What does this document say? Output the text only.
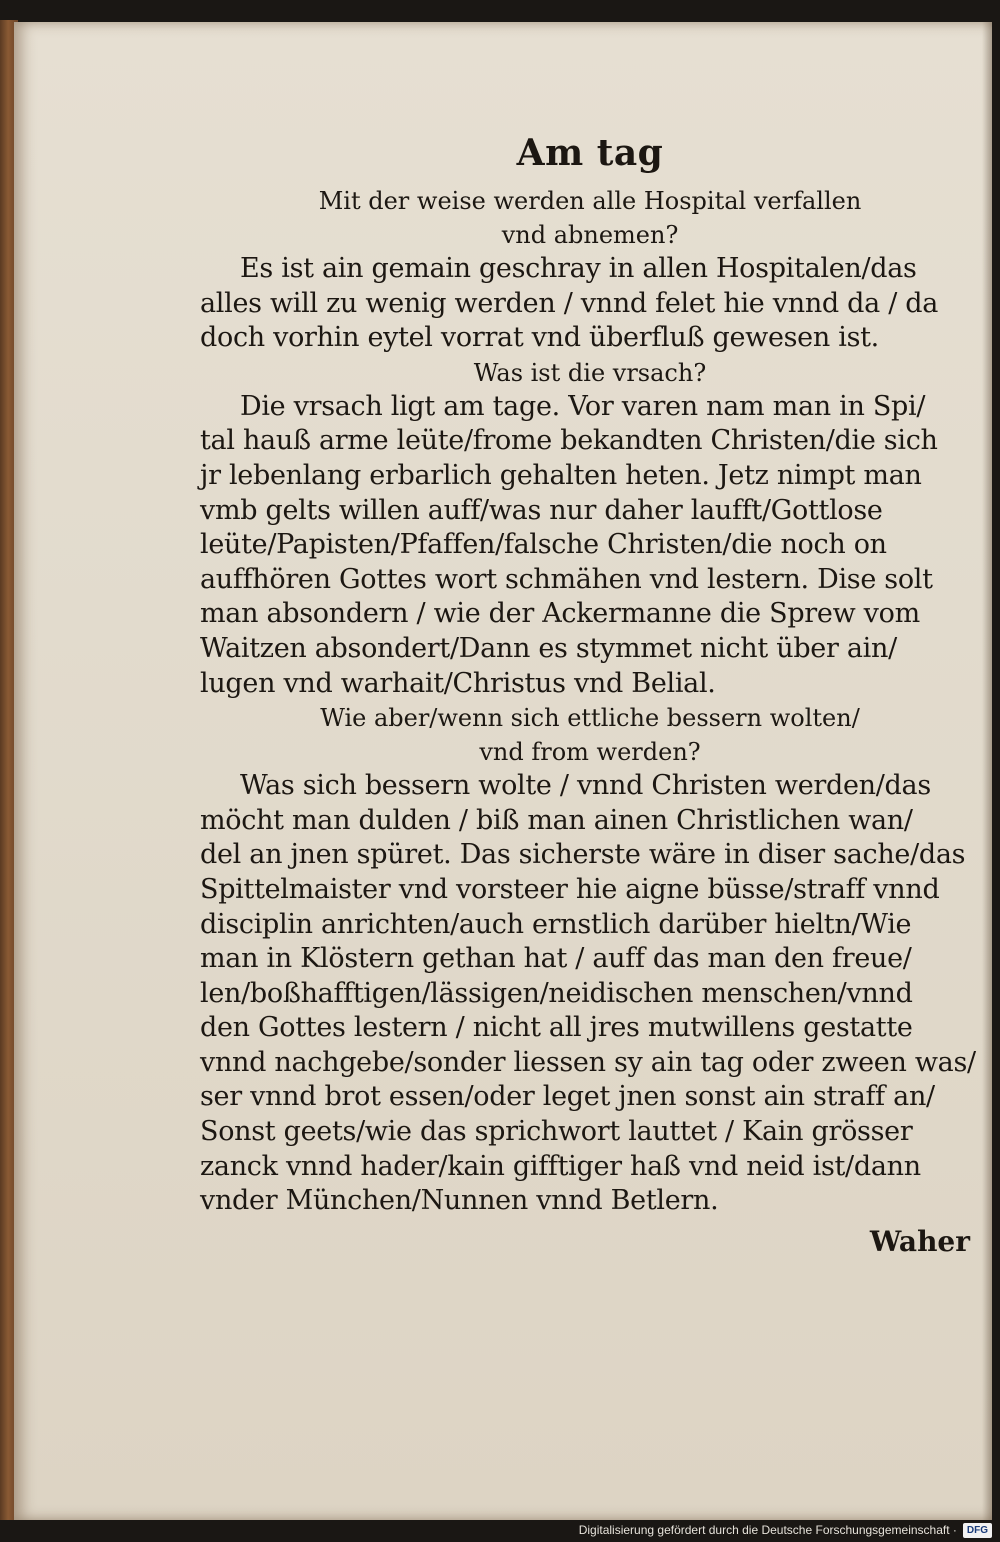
Am tag

Mit der weise werden alle Hospital verfallen

vnd abnemen?

Es ist ain gemain geschray in allen Hospitalen/das
alles will zu wenig werden / vnnd felet hie vnnd da / da
doch vorhin eytel vorrat vnd überfluß gewesen ist.

Was ist die vrsach?

Die vrsach ligt am tage. Vor varen nam man in Spi/
tal hauß arme leüte/frome bekandten Christen/die sich
jr lebenlang erbarlich gehalten heten. Jetz nimpt man
vmb gelts willen auff/was nur daher laufft/Gottlose
leüte/Papisten/Pfaffen/falsche Christen/die noch on
auffhören Gottes wort schmähen vnd lestern. Dise solt
man absondern / wie der Ackermanne die Sprew vom
Waitzen absondert/Dann es stymmet nicht über ain/
lugen vnd warhait/Christus vnd Belial.

Wie aber/wenn sich ettliche bessern wolten/

vnd from werden?

Was sich bessern wolte / vnnd Christen werden/das
möcht man dulden / biß man ainen Christlichen wan/
del an jnen spüret. Das sicherste wäre in diser sache/das
Spittelmaister vnd vorsteer hie aigne büsse/straff vnnd
disciplin anrichten/auch ernstlich darüber hieltn/Wie
man in Klöstern gethan hat / auff das man den freue/
len/boßhafftigen/lässigen/neidischen menschen/vnnd
den Gottes lestern / nicht all jres mutwillens gestatte
vnnd nachgebe/sonder liessen sy ain tag oder zween was/
ser vnnd brot essen/oder leget jnen sonst ain straff an/
Sonst geets/wie das sprichwort lauttet / Kain grösser
zanck vnnd hader/kain gifftiger haß vnd neid ist/dann
vnder München/Nunnen vnnd Betlern.
Waher
Digitalisierung gefördert durch die Deutsche Forschungsgemeinschaft ·	DFG
